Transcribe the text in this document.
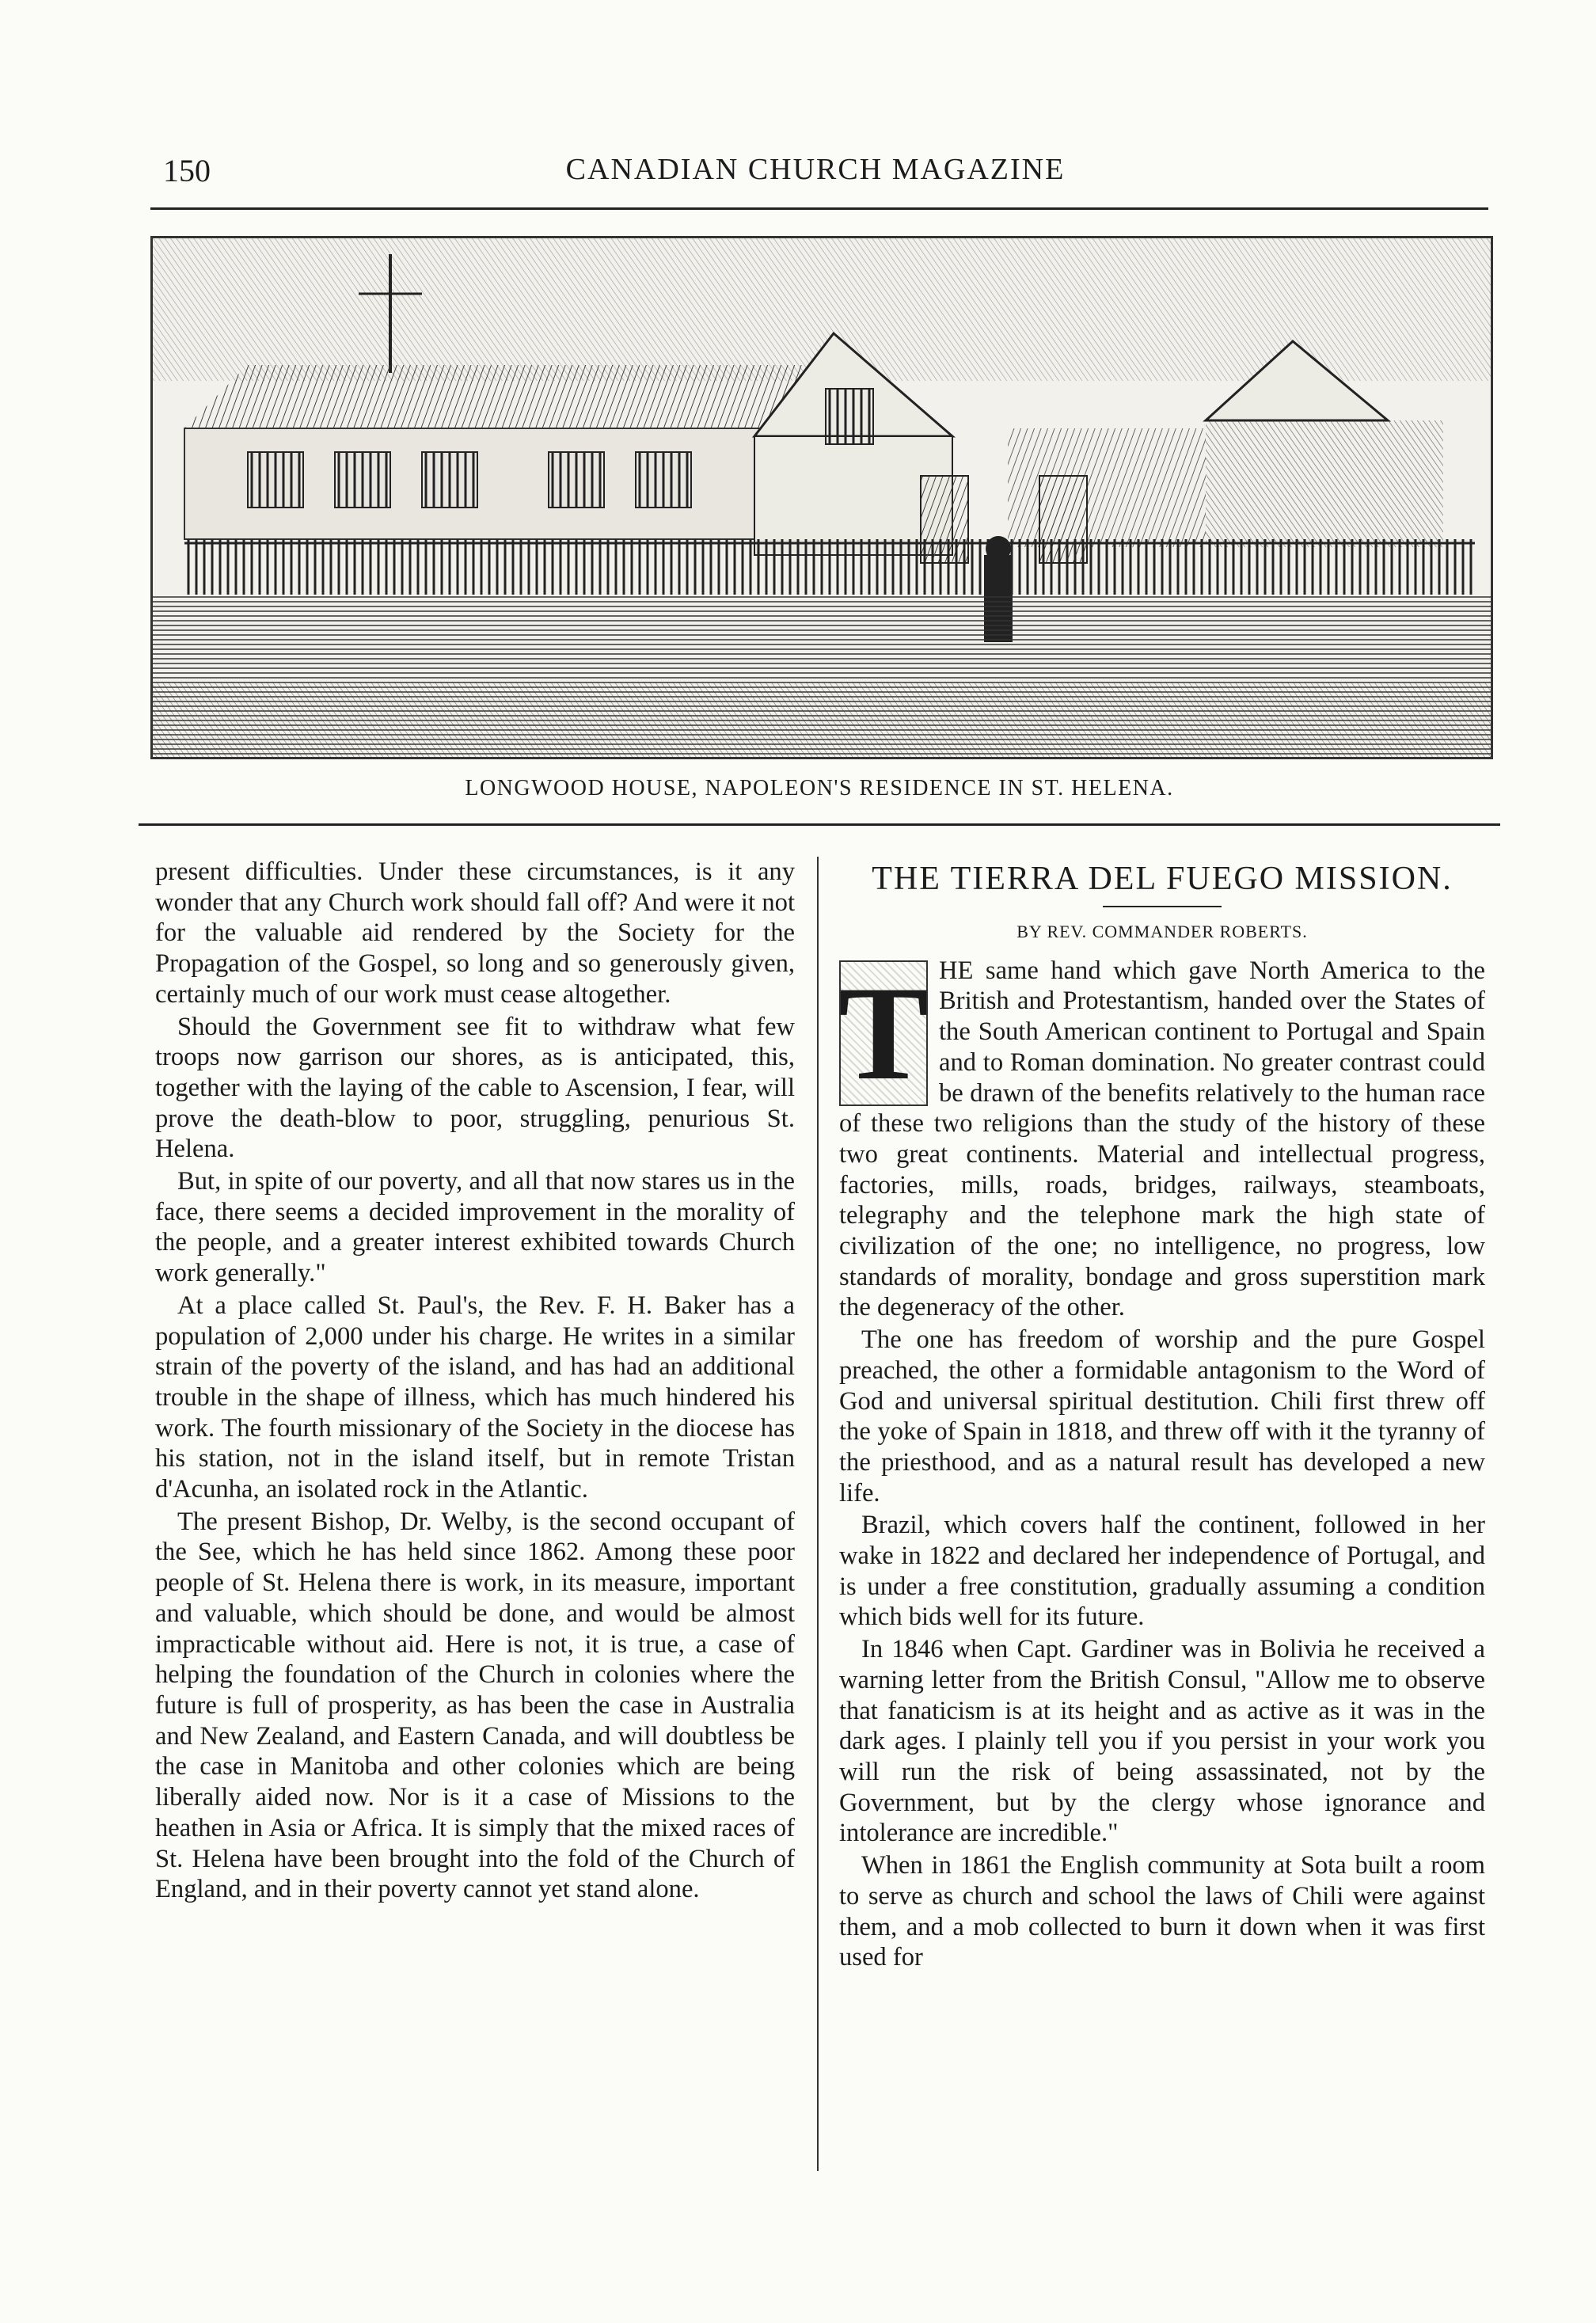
150	CANADIAN CHURCH MAGAZINE
LONGWOOD HOUSE, NAPOLEON'S RESIDENCE IN ST. HELENA.

present difficulties. Under these circumstances, is it any wonder that any Church work should fall off? And were it not for the valuable aid rendered by the Society for the Propagation of the Gospel, so long and so generously given, certainly much of our work must cease altogether.

Should the Government see fit to withdraw what few troops now garrison our shores, as is anticipated, this, together with the laying of the cable to Ascension, I fear, will prove the death-blow to poor, struggling, penurious St. Helena.

But, in spite of our poverty, and all that now stares us in the face, there seems a decided improvement in the morality of the people, and a greater interest exhibited towards Church work generally."

At a place called St. Paul's, the Rev. F. H. Baker has a population of 2,000 under his charge. He writes in a similar strain of the poverty of the island, and has had an additional trouble in the shape of illness, which has much hindered his work. The fourth missionary of the Society in the diocese has his station, not in the island itself, but in remote Tristan d'Acunha, an isolated rock in the Atlantic.

The present Bishop, Dr. Welby, is the second occupant of the See, which he has held since 1862. Among these poor people of St. Helena there is work, in its measure, important and valuable, which should be done, and would be almost impracticable without aid. Here is not, it is true, a case of helping the foundation of the Church in colonies where the future is full of prosperity, as has been the case in Australia and New Zealand, and Eastern Canada, and will doubtless be the case in Manitoba and other colonies which are being liberally aided now. Nor is it a case of Missions to the heathen in Asia or Africa. It is simply that the mixed races of St. Helena have been brought into the fold of the Church of England, and in their poverty cannot yet stand alone.

THE TIERRA DEL FUEGO MISSION.
BY REV. COMMANDER ROBERTS.

T HE same hand which gave North America to the British and Protestantism, handed over the States of the South American continent to Portugal and Spain and to Roman domination. No greater contrast could be drawn of the benefits relatively to the human race of these two religions than the study of the history of these two great continents. Material and intellectual progress, factories, mills, roads, bridges, railways, steamboats, telegraphy and the telephone mark the high state of civilization of the one; no intelligence, no progress, low standards of morality, bondage and gross superstition mark the degeneracy of the other.

The one has freedom of worship and the pure Gospel preached, the other a formidable antagonism to the Word of God and universal spiritual destitution. Chili first threw off the yoke of Spain in 1818, and threw off with it the tyranny of the priesthood, and as a natural result has developed a new life.

Brazil, which covers half the continent, followed in her wake in 1822 and declared her independence of Portugal, and is under a free constitution, gradually assuming a condition which bids well for its future.

In 1846 when Capt. Gardiner was in Bolivia he received a warning letter from the British Consul, "Allow me to observe that fanaticism is at its height and as active as it was in the dark ages. I plainly tell you if you persist in your work you will run the risk of being assassinated, not by the Government, but by the clergy whose ignorance and intolerance are incredible."

When in 1861 the English community at Sota built a room to serve as church and school the laws of Chili were against them, and a mob collected to burn it down when it was first used for
